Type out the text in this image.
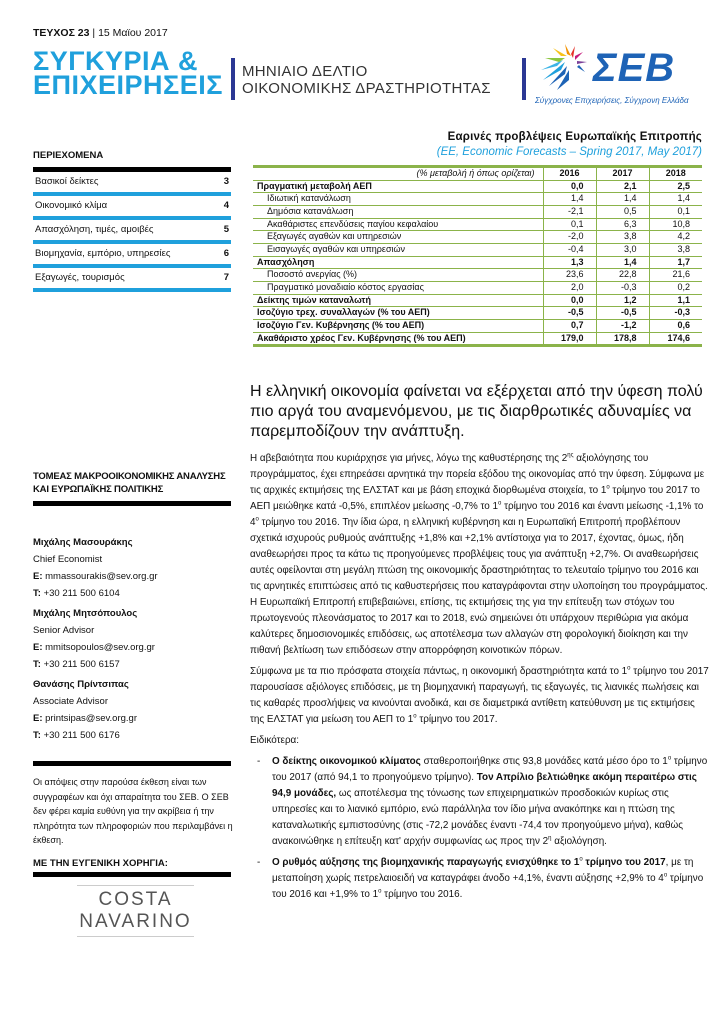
ΤΕΥΧΟΣ 23 | 15 Μαϊου 2017
ΣΥΓΚΥΡΙΑ &
ΕΠΙΧΕΙΡΗΣΕΙΣ ΜΗΝΙΑΙΟ ΔΕΛΤΙΟ
ΟΙΚΟΝΟΜΙΚΗΣ ΔΡΑΣΤΗΡΙΟΤΗΤΑΣ	ΣΕΒ
Σύγχρονες Επιχειρήσεις, Σύγχρονη Ελλάδα
ΠΕΡΙΕΧΟΜΕΝΑ
Βασικοί δείκτες	3
Οικονομικό κλίμα	4
Απασχόληση, τιμές, αμοιβές	5
Βιομηχανία, εμπόριο, υπηρεσίες	6
Εξαγωγές, τουρισμός	7
Εαρινές προβλέψεις Ευρωπαϊκής Επιτροπής
(EE, Economic Forecasts – Spring 2017, May 2017)
(% μεταβολή ή όπως ορίζεται)	2016	2017	2018
Πραγματική μεταβολή ΑΕΠ	0,0	2,1	2,5
Ιδιωτική κατανάλωση	1,4	1,4	1,4
Δημόσια κατανάλωση	-2,1	0,5	0,1
Ακαθάριστες επενδύσεις παγίου κεφαλαίου	0,1	6,3	10,8
Εξαγωγές αγαθών και υπηρεσιών	-2,0	3,8	4,2
Εισαγωγές αγαθών και υπηρεσιών	-0,4	3,0	3,8
Απασχόληση	1,3	1,4	1,7
Ποσοστό ανεργίας (%)	23,6	22,8	21,6
Πραγματικό μοναδιαίο κόστος εργασίας	2,0	-0,3	0,2
Δείκτης τιμών καταναλωτή	0,0	1,2	1,1
Ισοζύγιο τρεχ. συναλλαγών (% του ΑΕΠ)	-0,5	-0,5	-0,3
Ισοζύγιο Γεν. Κυβέρνησης (% του ΑΕΠ)	0,7	-1,2	0,6
Ακαθάριστο χρέος Γεν. Κυβέρνησης (% του ΑΕΠ)	179,0	178,8	174,6
ΤΟΜΕΑΣ ΜΑΚΡΟΟΙΚΟΝΟΜΙΚΗΣ ΑΝΑΛΥΣΗΣ ΚΑΙ ΕΥΡΩΠΑΪΚΗΣ ΠΟΛΙΤΙΚΗΣ
Μιχάλης Μασουράκης
Chief Economist
E: mmassourakis@sev.org.gr
T: +30 211 500 6104
Μιχάλης Μητσόπουλος
Senior Advisor
E: mmitsopoulos@sev.org.gr
T: +30 211 500 6157
Θανάσης Πρίντσιπας
Associate Advisor
E: printsipas@sev.org.gr
T: +30 211 500 6176
Οι απόψεις στην παρούσα έκθεση είναι των συγγραφέων και όχι απαραίτητα του ΣΕΒ. Ο ΣΕΒ δεν φέρει καμία ευθύνη για την ακρίβεια ή την πληρότητα των πληροφοριών που περιλαμβάνει η έκθεση.
ΜΕ ΤΗΝ ΕΥΓΕΝΙΚΗ ΧΟΡΗΓΙΑ:
COSTA
NAVARINO
Η ελληνική οικονομία φαίνεται να εξέρχεται από την ύφεση πολύ πιο αργά του αναμενόμενου, με τις διαρθρωτικές αδυναμίες να παρεμποδίζουν την ανάπτυξη.

Η αβεβαιότητα που κυριάρχησε για μήνες, λόγω της καθυστέρησης της $2^{\eta\varsigma}$ αξιολόγησης του προγράμματος, έχει επηρεάσει αρνητικά την πορεία εξόδου της οικονομίας από την ύφεση. Σύμφωνα με τις αρχικές εκτιμήσεις της ΕΛΣΤΑΤ και με βάση εποχικά διορθωμένα στοιχεία, το $1^o$ τρίμηνο του 2017 το ΑΕΠ μειώθηκε κατά -0,5%, επιπλέον μείωσης -0,7% το $1^o$ τρίμηνο του 2016 και έναντι μείωσης -1,1% το $4^o$ τρίμηνο του 2016. Την ίδια ώρα, η ελληνική κυβέρνηση και η Ευρωπαϊκή Επιτροπή προβλέπουν σχετικά ισχυρούς ρυθμούς ανάπτυξης +1,8% και +2,1% αντίστοιχα για το 2017, έχοντας, όμως, ήδη αναθεωρήσει προς τα κάτω τις προηγούμενες προβλέψεις τους για ανάπτυξη +2,7%. Οι αναθεωρήσεις αυτές οφείλονται στη μεγάλη πτώση της οικονομικής δραστηριότητας το τελευταίο τρίμηνο του 2016 και τις αρνητικές επιπτώσεις από τις καθυστερήσεις που καταγράφονται στην υλοποίηση του προγράμματος. Η Ευρωπαϊκή Επιτροπή επιβεβαιώνει, επίσης, τις εκτιμήσεις της για την επίτευξη των στόχων του πρωτογενούς πλεονάσματος το 2017 και το 2018, ενώ σημειώνει ότι υπάρχουν περιθώρια για ακόμα καλύτερες δημοσιονομικές επιδόσεις, ως αποτέλεσμα των αλλαγών στη φορολογική διοίκηση και την πιθανή βελτίωση των επιδόσεων στην απορρόφηση κοινοτικών πόρων.

Σύμφωνα με τα πιο πρόσφατα στοιχεία πάντως, η οικονομική δραστηριότητα κατά το $1^o$ τρίμηνο του 2017 παρουσίασε αξιόλογες επιδόσεις, με τη βιομηχανική παραγωγή, τις εξαγωγές, τις λιανικές πωλήσεις και τις καθαρές προσλήψεις να κινούνται ανοδικά, και σε διαμετρικά αντίθετη κατεύθυνση με τις εκτιμήσεις της ΕΛΣΤΑΤ για μείωση του ΑΕΠ το $1^o$ τρίμηνο του 2017.

Ειδικότερα:

- Ο δείκτης οικονομικού κλίματος σταθεροποιήθηκε στις 93,8 μονάδες κατά μέσο όρο το $1^o$ τρίμηνο του 2017 (από 94,1 το προηγούμενο τρίμηνο). Τον Απρίλιο βελτιώθηκε ακόμη περαιτέρω στις 94,9 μονάδες, ως αποτέλεσμα της τόνωσης των επιχειρηματικών προσδοκιών κυρίως στις υπηρεσίες και το λιανικό εμπόριο, ενώ παράλληλα τον ίδιο μήνα ανακόπηκε και η πτώση της καταναλωτικής εμπιστοσύνης (στις -72,2 μονάδες έναντι -74,4 τον προηγούμενο μήνα), καθώς ανακοινώθηκε η επίτευξη κατ' αρχήν συμφωνίας ως προς την $2^\eta$ αξιολόγηση.
- Ο ρυθμός αύξησης της βιομηχανικής παραγωγής ενισχύθηκε το $1^o$ τρίμηνο του 2017, με τη μεταποίηση χωρίς πετρελαιοειδή να καταγράφει άνοδο +4,1%, έναντι αύξησης +2,9% το $4^o$ τρίμηνο του 2016 και +1,9% το $1^o$ τρίμηνο του 2016.
